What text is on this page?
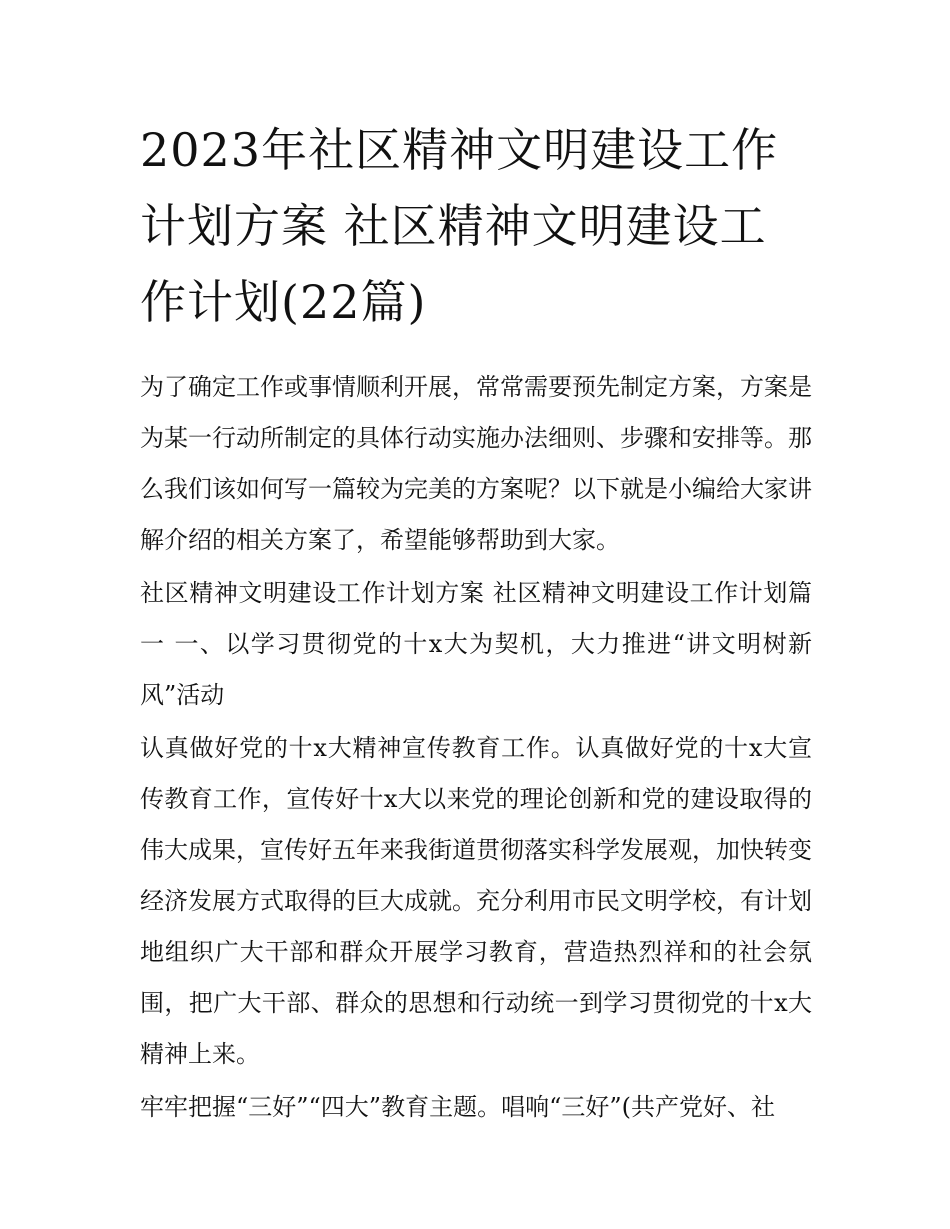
2023年社区精神文明建设工作计划方案 社区精神文明建设工作计划(22篇)

为了确定工作或事情顺利开展，常常需要预先制定方案，方案是为某一行动所制定的具体行动实施办法细则、步骤和安排等。那么我们该如何写一篇较为完美的方案呢？以下就是小编给大家讲解介绍的相关方案了，希望能够帮助到大家。

社区精神文明建设工作计划方案 社区精神文明建设工作计划篇一 一、以学习贯彻党的十x大为契机，大力推进“讲文明树新风”活动

认真做好党的十x大精神宣传教育工作。认真做好党的十x大宣传教育工作，宣传好十x大以来党的理论创新和党的建设取得的伟大成果，宣传好五年来我街道贯彻落实科学发展观，加快转变经济发展方式取得的巨大成就。充分利用市民文明学校，有计划地组织广大干部和群众开展学习教育，营造热烈祥和的社会氛围，把广大干部、群众的思想和行动统一到学习贯彻党的十x大精神上来。

牢牢把握“三好”“四大”教育主题。唱响“三好”(共产党好、社
